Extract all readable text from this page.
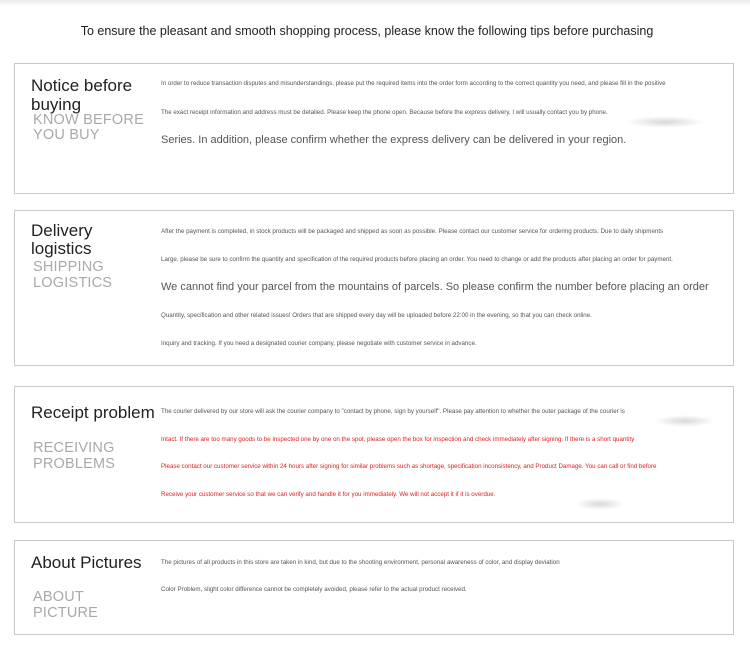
To ensure the pleasant and smooth shopping process, please know the following tips before purchasing
Notice before buying
KNOW BEFORE
YOU BUY
In order to reduce transaction disputes and misunderstandings, please put the required items into the order form according to the correct quantity you need, and please fill in the positive
The exact receipt information and address must be detailed. Please keep the phone open. Because before the express delivery, I will usually contact you by phone.
Series. In addition, please confirm whether the express delivery can be delivered in your region.
Delivery
logistics
SHIPPING
LOGISTICS
After the payment is completed, in stock products will be packaged and shipped as soon as possible. Please contact our customer service for ordering products. Due to daily shipments
Large, please be sure to confirm the quantity and specification of the required products before placing an order. You need to change or add the products after placing an order for payment.
We cannot find your parcel from the mountains of parcels. So please confirm the number before placing an order
Quantity, specification and other related issues! Orders that are shipped every day will be uploaded before 22:00 in the evening, so that you can check online.
Inquiry and tracking. If you need a designated courier company, please negotiate with customer service in advance.
Receipt problem
RECEIVING
PROBLEMS
The courier delivered by our store will ask the courier company to "contact by phone, sign by yourself". Please pay attention to whether the outer package of the courier is
Intact. If there are too many goods to be inspected one by one on the spot, please open the box for inspection and check immediately after signing. If there is a short quantity
Please contact our customer service within 24 hours after signing for similar problems such as shortage, specification inconsistency, and Product Damage. You can call or find before
Receive your customer service so that we can verify and handle it for you immediately. We will not accept it if it is overdue.
About Pictures
ABOUT
PICTURE
The pictures of all products in this store are taken in kind, but due to the shooting environment, personal awareness of color, and display deviation
Color Problem, slight color difference cannot be completely avoided, please refer to the actual product received.
